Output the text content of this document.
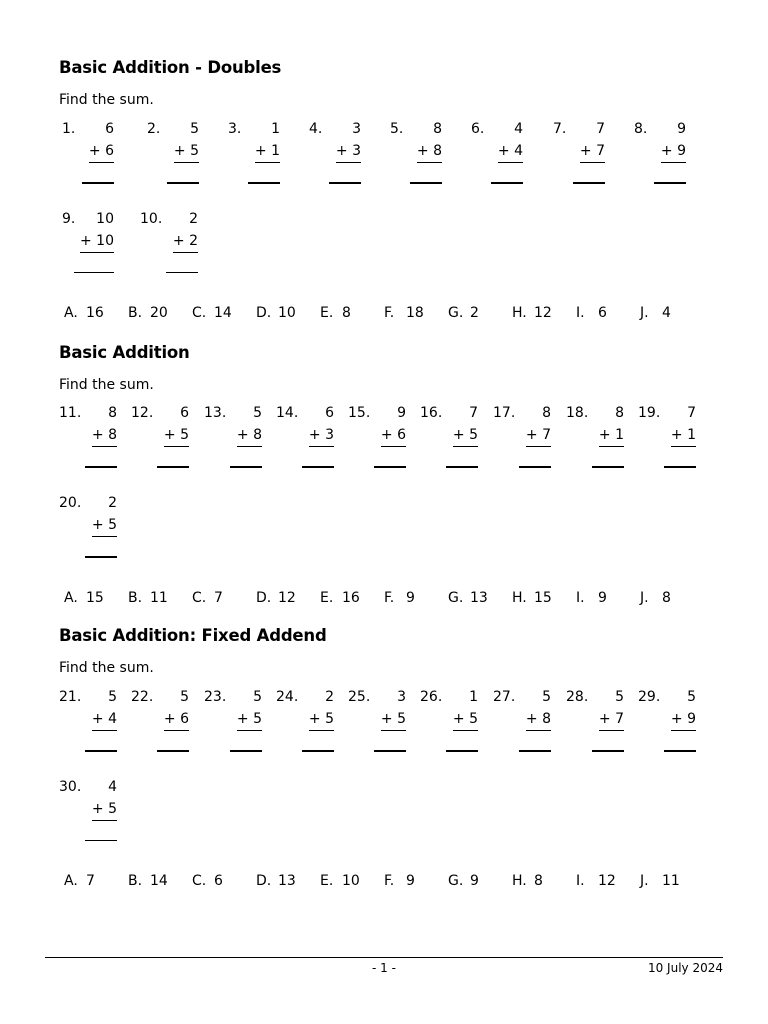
Basic Addition - Doubles
Find the sum.
1. 6
+ 6
2. 5
+ 5
3. 1
+ 1
4. 3
+ 3
5. 8
+ 8
6. 4
+ 4
7. 7
+ 7
8. 9
+ 9
9. 10
+ 10
10. 2
+ 2
A. 16 B. 20 C. 14 D. 10 E. 8 F. 18 G. 2 H. 12 I. 6 J. 4
Basic Addition
Find the sum.
11. 8
+ 8
12. 6
+ 5
13. 5
+ 8
14. 6
+ 3
15. 9
+ 6
16. 7
+ 5
17. 8
+ 7
18. 8
+ 1
19. 7
+ 1
20. 2
+ 5
A. 15 B. 11 C. 7 D. 12 E. 16 F. 9 G. 13 H. 15 I. 9 J. 8
Basic Addition: Fixed Addend
Find the sum.
21. 5
+ 4
22. 5
+ 6
23. 5
+ 5
24. 2
+ 5
25. 3
+ 5
26. 1
+ 5
27. 5
+ 8
28. 5
+ 7
29. 5
+ 9
30. 4
+ 5
A. 7 B. 14 C. 6 D. 13 E. 10 F. 9 G. 9 H. 8 I. 12 J. 11
- 1 -	10 July 2024
